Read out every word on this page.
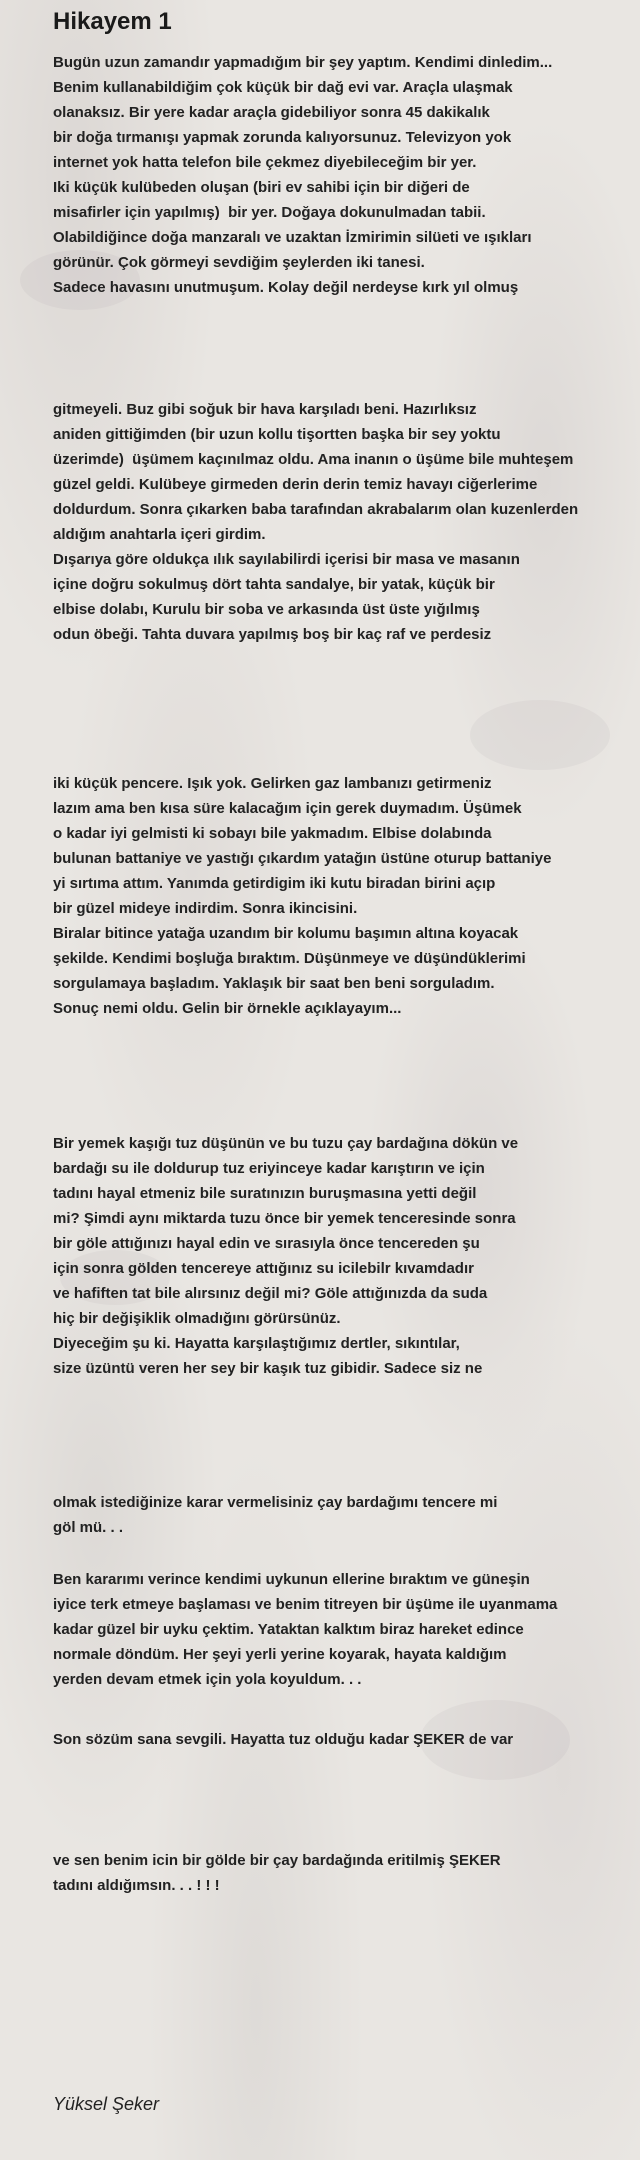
Hikayem 1

Bugün uzun zamandır yapmadığım bir şey yaptım. Kendimi dinledim...
Benim kullanabildiğim çok küçük bir dağ evi var. Araçla ulaşmak
olanaksız. Bir yere kadar araçla gidebiliyor sonra 45 dakikalık
bir doğa tırmanışı yapmak zorunda kalıyorsunuz. Televizyon yok
internet yok hatta telefon bile çekmez diyebileceğim bir yer.
Iki küçük kulübeden oluşan (biri ev sahibi için bir diğeri de
misafirler için yapılmış)  bir yer. Doğaya dokunulmadan tabii.
Olabildiğince doğa manzaralı ve uzaktan İzmirimin silüeti ve ışıkları
görünür. Çok görmeyi sevdiğim şeylerden iki tanesi.
Sadece havasını unutmuşum. Kolay değil nerdeyse kırk yıl olmuş

gitmeyeli. Buz gibi soğuk bir hava karşıladı beni. Hazırlıksız
aniden gittiğimden (bir uzun kollu tişortten başka bir sey yoktu
üzerimde)  üşümem kaçınılmaz oldu. Ama inanın o üşüme bile muhteşem
güzel geldi. Kulübeye girmeden derin derin temiz havayı ciğerlerime
doldurdum. Sonra çıkarken baba tarafından akrabalarım olan kuzenlerden
aldığım anahtarla içeri girdim.
Dışarıya göre oldukça ılık sayılabilirdi içerisi bir masa ve masanın
içine doğru sokulmuş dört tahta sandalye, bir yatak, küçük bir
elbise dolabı, Kurulu bir soba ve arkasında üst üste yığılmış
odun öbeği. Tahta duvara yapılmış boş bir kaç raf ve perdesiz

iki küçük pencere. Işık yok. Gelirken gaz lambanızı getirmeniz
lazım ama ben kısa süre kalacağım için gerek duymadım. Üşümek
o kadar iyi gelmisti ki sobayı bile yakmadım. Elbise dolabında
bulunan battaniye ve yastığı çıkardım yatağın üstüne oturup battaniye
yi sırtıma attım. Yanımda getirdigim iki kutu biradan birini açıp
bir güzel mideye indirdim. Sonra ikincisini.
Biralar bitince yatağa uzandım bir kolumu başımın altına koyacak
şekilde. Kendimi boşluğa bıraktım. Düşünmeye ve düşündüklerimi
sorgulamaya başladım. Yaklaşık bir saat ben beni sorguladım.
Sonuç nemi oldu. Gelin bir örnekle açıklayayım...

Bir yemek kaşığı tuz düşünün ve bu tuzu çay bardağına dökün ve
bardağı su ile doldurup tuz eriyinceye kadar karıştırın ve için
tadını hayal etmeniz bile suratınızın buruşmasına yetti değil
mi? Şimdi aynı miktarda tuzu önce bir yemek tenceresinde sonra
bir göle attığınızı hayal edin ve sırasıyla önce tencereden şu
için sonra gölden tencereye attığınız su icilebilr kıvamdadır
ve hafiften tat bile alırsınız değil mi? Göle attığınızda da suda
hiç bir değişiklik olmadığını görürsünüz.
Diyeceğim şu ki. Hayatta karşılaştığımız dertler, sıkıntılar,
size üzüntü veren her sey bir kaşık tuz gibidir. Sadece siz ne

olmak istediğinize karar vermelisiniz çay bardağımı tencere mi
göl mü. . .

Ben kararımı verince kendimi uykunun ellerine bıraktım ve güneşin
iyice terk etmeye başlaması ve benim titreyen bir üşüme ile uyanmama
kadar güzel bir uyku çektim. Yataktan kalktım biraz hareket edince
normale döndüm. Her şeyi yerli yerine koyarak, hayata kaldığım
yerden devam etmek için yola koyuldum. . .

Son sözüm sana sevgili. Hayatta tuz olduğu kadar ŞEKER de var

ve sen benim icin bir gölde bir çay bardağında eritilmiş ŞEKER
tadını aldığımsın. . . ! ! !

Yüksel Şeker
